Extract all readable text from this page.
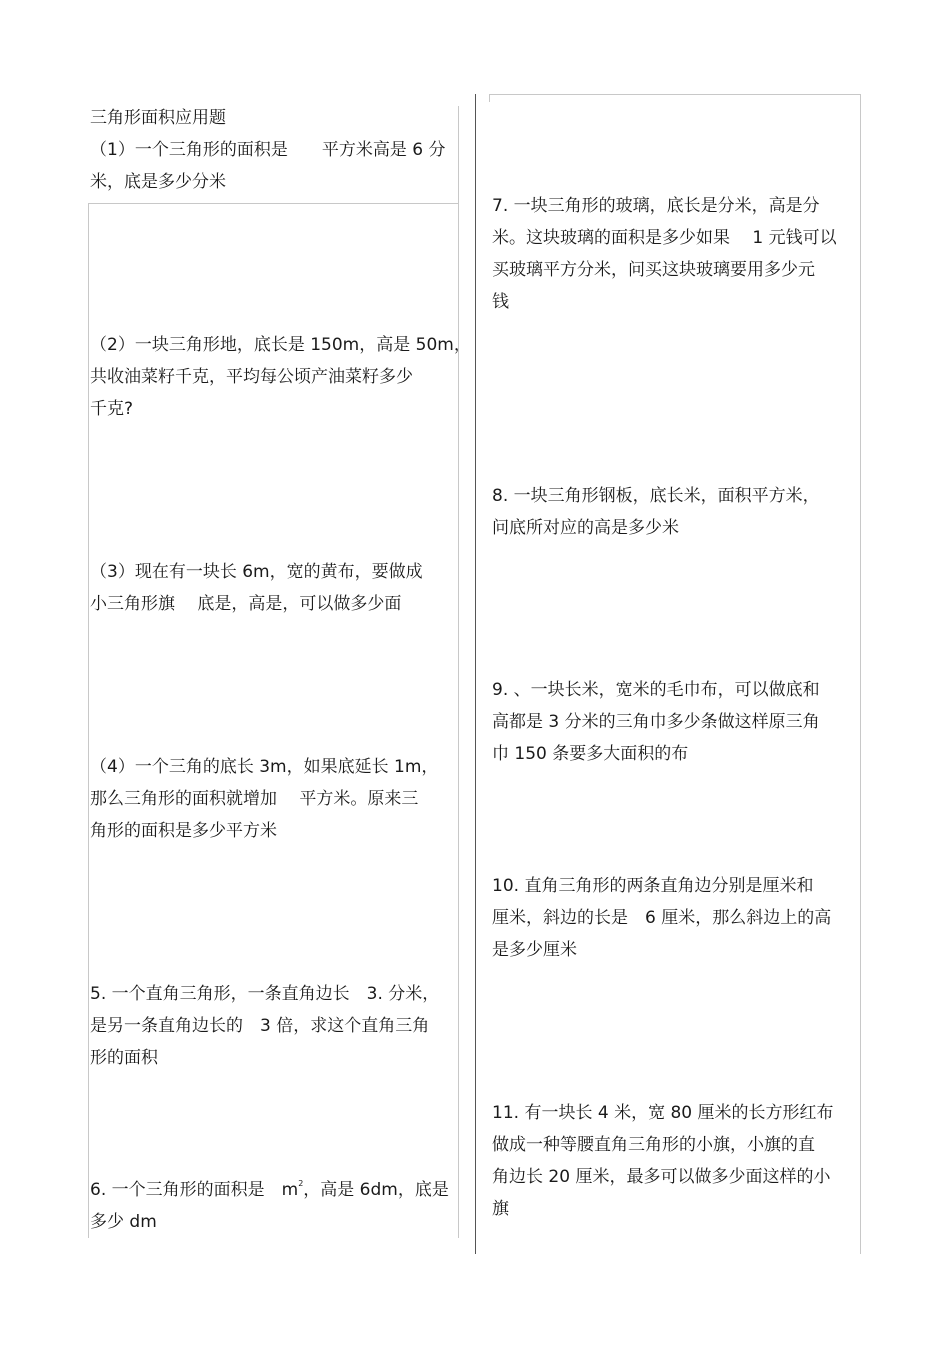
三角形面积应用题
（1）一个三角形的面积是　　平方米高是 6 分
米，底是多少分米
（2）一块三角形地，底长是 150m，高是 50m，
共收油菜籽千克，平均每公顷产油菜籽多少
千克?
（3）现在有一块长 6m，宽的黄布，要做成
小三角形旗　 底是，高是，可以做多少面
（4）一个三角的底长 3m，如果底延长 1m，
那么三角形的面积就增加　 平方米。原来三
角形的面积是多少平方米
5. 一个直角三角形，一条直角边长　3. 分米，
是另一条直角边长的　3 倍，求这个直角三角
形的面积
6. 一个三角形的面积是　$m^2$，高是 6dm，底是
多少 dm
7. 一块三角形的玻璃，底长是分米，高是分
米。这块玻璃的面积是多少如果　 1 元钱可以
买玻璃平方分米，问买这块玻璃要用多少元
钱
8. 一块三角形钢板，底长米，面积平方米，
问底所对应的高是多少米
9. 、一块长米，宽米的毛巾布，可以做底和
高都是 3 分米的三角巾多少条做这样原三角
巾 150 条要多大面积的布
10. 直角三角形的两条直角边分别是厘米和
厘米，斜边的长是　6 厘米，那么斜边上的高
是多少厘米
11. 有一块长 4 米，宽 80 厘米的长方形红布
做成一种等腰直角三角形的小旗，小旗的直
角边长 20 厘米，最多可以做多少面这样的小
旗
